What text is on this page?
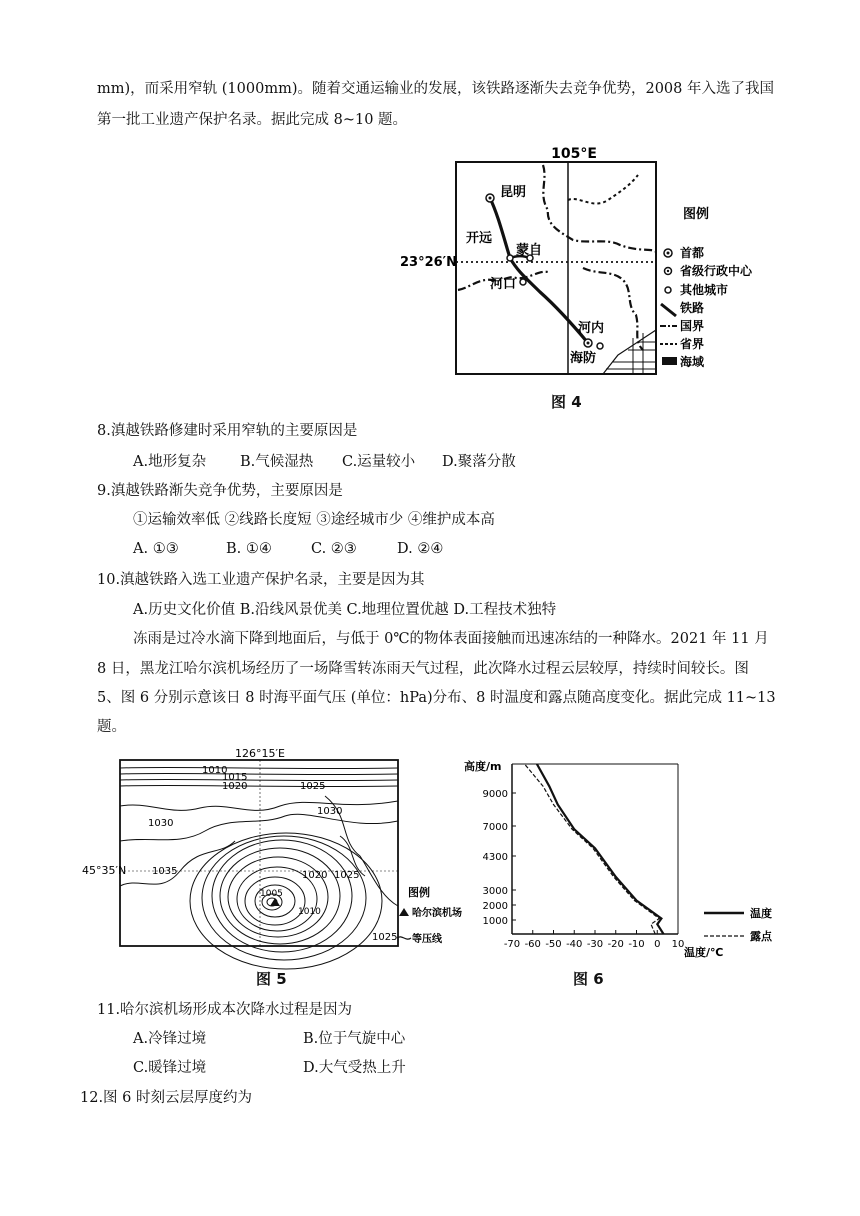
mm)，而采用窄轨 (1000mm)。随着交通运输业的发展，该铁路逐渐失去竞争优势，2008 年入选了我国
第一批工业遗产保护名录。据此完成 8~10 题。
105°E
23°26′N
昆明
开远
蒙自
河口
河内
海防
图例
首都
省级行政中心
其他城市
铁路
国界
省界
海域
图 4
8.滇越铁路修建时采用窄轨的主要原因是
A.地形复杂 B.气候湿热 C.运量较小 D.聚落分散
9.滇越铁路渐失竞争优势，主要原因是
①运输效率低 ②线路长度短 ③途经城市少 ④维护成本高
A. ①③	B. ①④	C. ②③	D. ②④
10.滇越铁路入选工业遗产保护名录，主要是因为其
A.历史文化价值 B.沿线风景优美 C.地理位置优越 D.工程技术独特
冻雨是过冷水滴下降到地面后，与低于 0℃的物体表面接触而迅速冻结的一种降水。2021 年 11 月
8 日，黑龙江哈尔滨机场经历了一场降雪转冻雨天气过程，此次降水过程云层较厚，持续时间较长。图
5、图 6 分别示意该日 8 时海平面气压 (单位：hPa)分布、8 时温度和露点随高度变化。据此完成 11~13
题。
126°15′E
45°35′N
1010
1015
1020	1025
1030
1030
1035	1020 1025
1005
1010
1025
图例
哈尔滨机场
等压线
图 5
1000
2000
3000
4300
7000
9000
-70 -60 -50 -40 -30 -20 -10 0 10
高度/m
温度/℃
温度
露点
图 6
11.哈尔滨机场形成本次降水过程是因为
A.冷锋过境	B.位于气旋中心
C.暖锋过境	D.大气受热上升
12.图 6 时刻云层厚度约为
